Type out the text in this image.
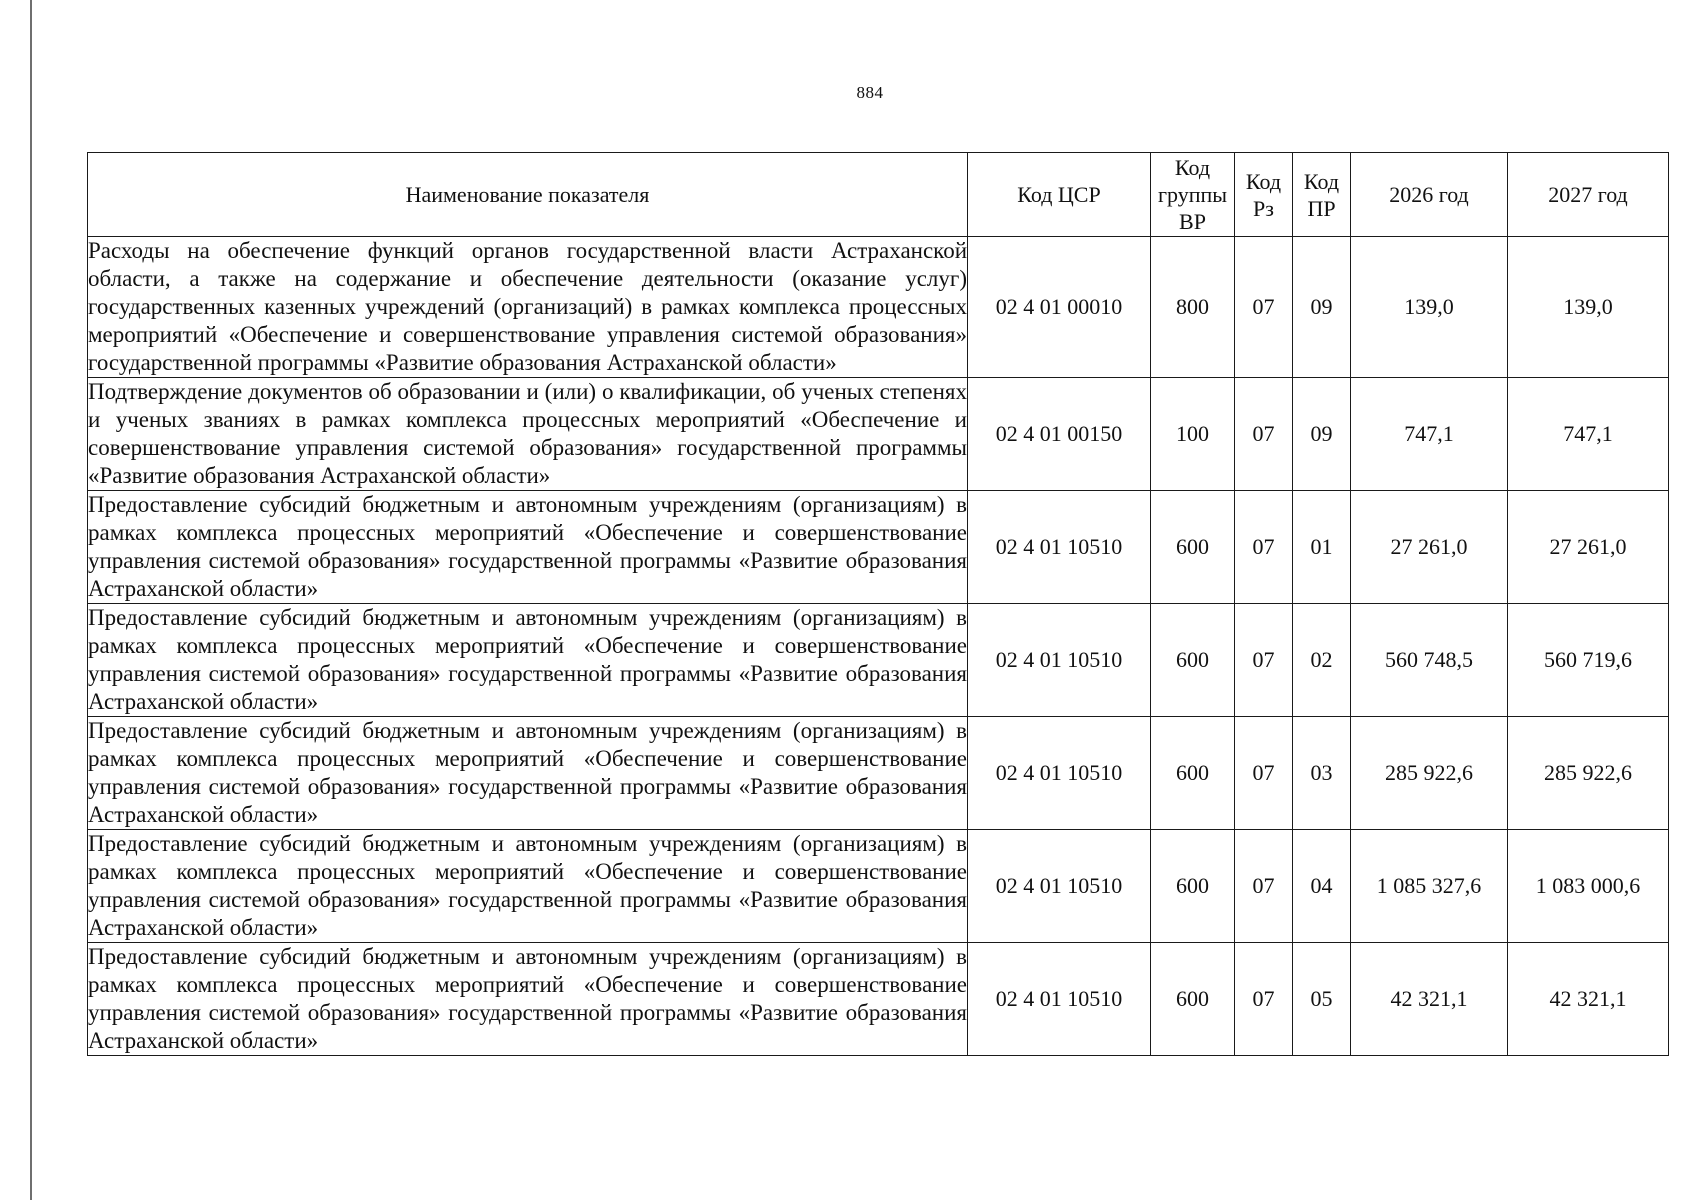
884
Наименование показателя	Код ЦСР	Код группы ВР	Код Рз	Код ПР	2026 год	2027 год
Расходы на обеспечение функций органов государственной власти Астраханской области, а также на содержание и обеспечение деятельности (оказание услуг) государственных казенных учреждений (организаций) в рамках комплекса процессных мероприятий «Обеспечение и совершенствование управления системой образования» государственной программы «Развитие образования Астраханской области»	02 4 01 00010	800	07	09	139,0	139,0
Подтверждение документов об образовании и (или) о квалификации, об ученых степенях и ученых званиях в рамках комплекса процессных мероприятий «Обеспечение и совершенствование управления системой образования» государственной программы «Развитие образования Астраханской области»	02 4 01 00150	100	07	09	747,1	747,1
Предоставление субсидий бюджетным и автономным учреждениям (организациям) в рамках комплекса процессных мероприятий «Обеспечение и совершенствование управления системой образования» государственной программы «Развитие образования Астраханской области»	02 4 01 10510	600	07	01	27 261,0	27 261,0
Предоставление субсидий бюджетным и автономным учреждениям (организациям) в рамках комплекса процессных мероприятий «Обеспечение и совершенствование управления системой образования» государственной программы «Развитие образования Астраханской области»	02 4 01 10510	600	07	02	560 748,5	560 719,6
Предоставление субсидий бюджетным и автономным учреждениям (организациям) в рамках комплекса процессных мероприятий «Обеспечение и совершенствование управления системой образования» государственной программы «Развитие образования Астраханской области»	02 4 01 10510	600	07	03	285 922,6	285 922,6
Предоставление субсидий бюджетным и автономным учреждениям (организациям) в рамках комплекса процессных мероприятий «Обеспечение и совершенствование управления системой образования» государственной программы «Развитие образования Астраханской области»	02 4 01 10510	600	07	04	1 085 327,6	1 083 000,6
Предоставление субсидий бюджетным и автономным учреждениям (организациям) в рамках комплекса процессных мероприятий «Обеспечение и совершенствование управления системой образования» государственной программы «Развитие образования Астраханской области»	02 4 01 10510	600	07	05	42 321,1	42 321,1
